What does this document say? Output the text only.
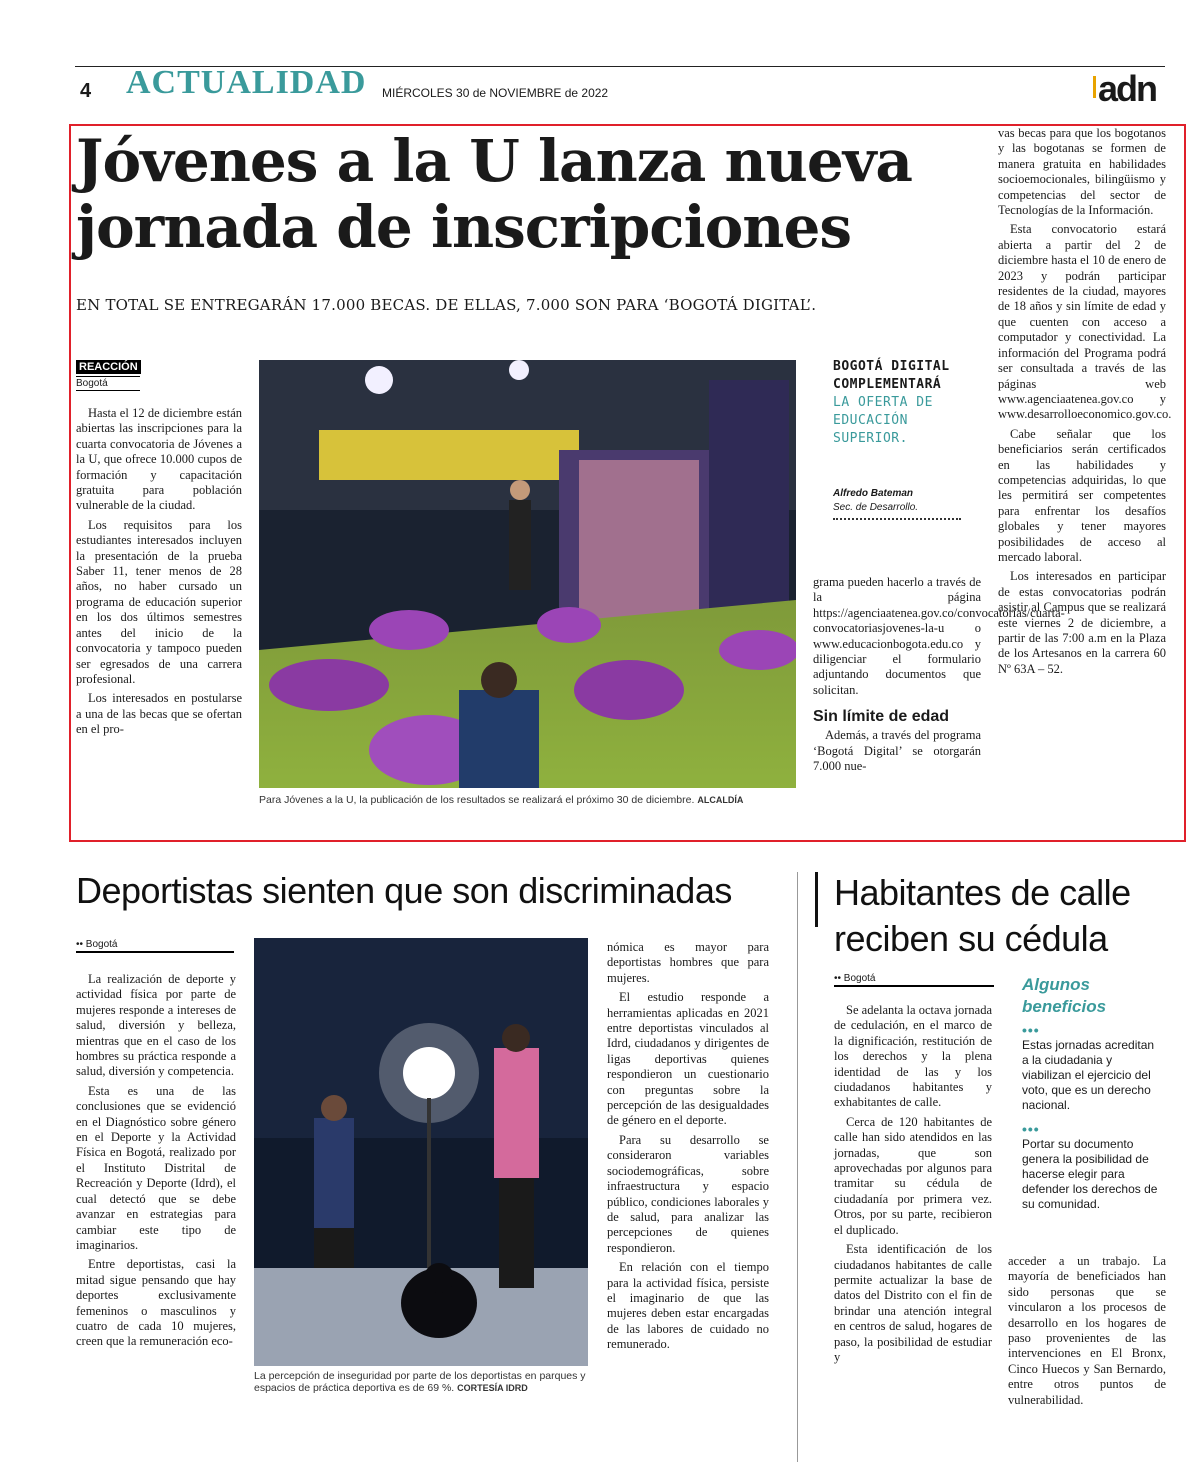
4 ACTUALIDAD MIÉRCOLES 30 de NOVIEMBRE de 2022	adn
Jóvenes a la U lanza nueva jornada de inscripciones
EN TOTAL SE ENTREGARÁN 17.000 BECAS. DE ELLAS, 7.000 SON PARA ‘BOGOTÁ DIGITAL’.
REACCIÓN
Bogotá

Hasta el 12 de diciembre están abiertas las inscripciones para la cuarta convocatoria de Jóvenes a la U, que ofrece 10.000 cupos de formación y capacitación gratuita para población vulnerable de la ciudad.

Los requisitos para los estudiantes interesados incluyen la presentación de la prueba Saber 11, tener menos de 28 años, no haber cursado un programa de educación superior en los dos últimos semestres antes del inicio de la convocatoria y tampoco pueden ser egresados de una carrera profesional.

Los interesados en postularse a una de las becas que se ofertan en el pro-

Para Jóvenes a la U, la publicación de los resultados se realizará el próximo 30 de diciembre. ALCALDÍA
BOGOTÁ DIGITAL COMPLEMENTARÁ LA OFERTA DE EDUCACIÓN SUPERIOR.
Alfredo Bateman
Sec. de Desarrollo.

grama pueden hacerlo a través de la página https://agenciaatenea.gov.co/convocatorias/cuarta-convocatoriasjovenes-la-u o www.educacionbogota.edu.co y diligenciar el formulario adjuntando documentos que solicitan.

Sin límite de edad

Además, a través del programa ‘Bogotá Digital’ se otorgarán 7.000 nue-

vas becas para que los bogotanos y las bogotanas se formen de manera gratuita en habilidades socioemocionales, bilingüismo y competencias del sector de Tecnologías de la Información.

Esta convocatorio estará abierta a partir del 2 de diciembre hasta el 10 de enero de 2023 y podrán participar residentes de la ciudad, mayores de 18 años y sin límite de edad y que cuenten con acceso a computador y conectividad. La información del Programa podrá ser consultada a través de las páginas web www.agenciaatenea.gov.co y www.desarrolloeconomico.gov.co.

Cabe señalar que los beneficiarios serán certificados en las habilidades y competencias adquiridas, lo que les permitirá ser competentes para enfrentar los desafíos globales y tener mayores posibilidades de acceso al mercado laboral.

Los interesados en participar de estas convocatorias podrán asistir al Campus que se realizará este viernes 2 de diciembre, a partir de las 7:00 a.m en la Plaza de los Artesanos en la carrera 60 Nº 63A – 52.

Deportistas sienten que son discriminadas
•• Bogotá

La realización de deporte y actividad física por parte de mujeres responde a intereses de salud, diversión y belleza, mientras que en el caso de los hombres su práctica responde a salud, diversión y competencia.

Esta es una de las conclusiones que se evidenció en el Diagnóstico sobre género en el Deporte y la Actividad Física en Bogotá, realizado por el Instituto Distrital de Recreación y Deporte (Idrd), el cual detectó que se debe avanzar en estrategias para cambiar este tipo de imaginarios.

Entre deportistas, casi la mitad sigue pensando que hay deportes exclusivamente femeninos o masculinos y cuatro de cada 10 mujeres, creen que la remuneración eco-

La percepción de inseguridad por parte de los deportistas en parques y espacios de práctica deportiva es de 69 %. CORTESÍA IDRD

nómica es mayor para deportistas hombres que para mujeres.

El estudio responde a herramientas aplicadas en 2021 entre deportistas vinculados al Idrd, ciudadanos y dirigentes de ligas deportivas quienes respondieron un cuestionario con preguntas sobre la percepción de las desigualdades de género en el deporte.

Para su desarrollo se consideraron variables sociodemográficas, sobre infraestructura y espacio público, condiciones laborales y de salud, para analizar las percepciones de quienes respondieron.

En relación con el tiempo para la actividad física, persiste el imaginario de que las mujeres deben estar encargadas de las labores de cuidado no remunerado.

Habitantes de calle reciben su cédula
•• Bogotá

Se adelanta la octava jornada de cedulación, en el marco de la dignificación, restitución de los derechos y la plena identidad de las y los ciudadanos habitantes y exhabitantes de calle.

Cerca de 120 habitantes de calle han sido atendidos en las jornadas, que son aprovechadas por algunos para tramitar su cédula de ciudadanía por primera vez. Otros, por su parte, recibieron el duplicado.

Esta identificación de los ciudadanos habitantes de calle permite actualizar la base de datos del Distrito con el fin de brindar una atención integral en centros de salud, hogares de paso, la posibilidad de estudiar y

Algunos beneficios
•••
Estas jornadas acreditan a la ciudadania y viabilizan el ejercicio del voto, que es un derecho nacional.
•••
Portar su documento genera la posibilidad de hacerse elegir para defender los derechos de su comunidad.

acceder a un trabajo. La mayoría de beneficiados han sido personas que se vincularon a los procesos de desarrollo en los hogares de paso provenientes de las intervenciones en El Bronx, Cinco Huecos y San Bernardo, entre otros puntos de vulnerabilidad.
